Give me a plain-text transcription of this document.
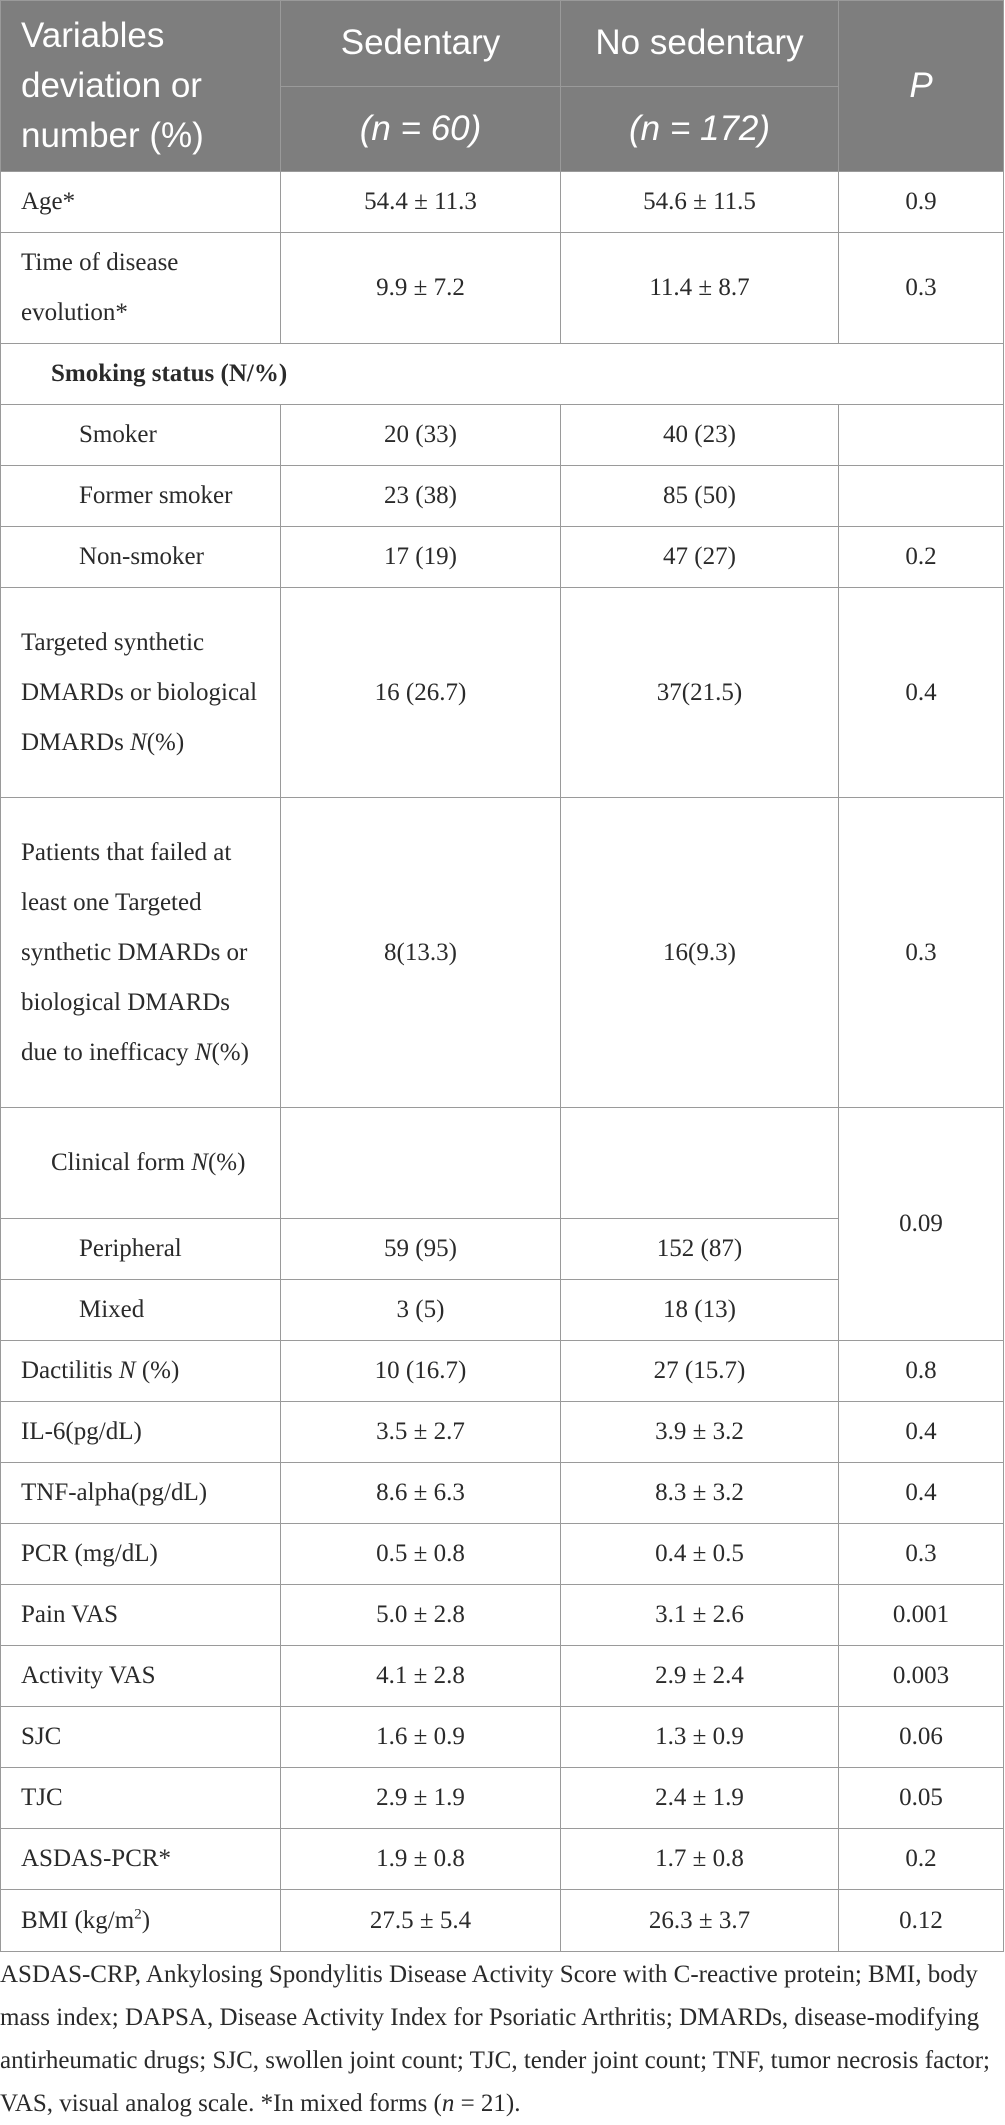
Variables deviation or number (%)	Sedentary	No sedentary	P
	(n = 60)	(n = 172)	
Age*	54.4 ± 11.3	54.6 ± 11.5	0.9
Time of disease evolution*	9.9 ± 7.2	11.4 ± 8.7	0.3
Smoking status (N/%)			
Smoker	20 (33)	40 (23)	
Former smoker	23 (38)	85 (50)	
Non-smoker	17 (19)	47 (27)	0.2
Targeted synthetic DMARDs or biological DMARDs N(%)	16 (26.7)	37(21.5)	0.4
Patients that failed at least one Targeted synthetic DMARDs or biological DMARDs due to inefficacy N(%)	8(13.3)	16(9.3)	0.3
Clinical form N(%)			0.09
Peripheral	59 (95)	152 (87)	
Mixed	3 (5)	18 (13)	
Dactilitis N (%)	10 (16.7)	27 (15.7)	0.8
IL-6(pg/dL)	3.5 ± 2.7	3.9 ± 3.2	0.4
TNF-alpha(pg/dL)	8.6 ± 6.3	8.3 ± 3.2	0.4
PCR (mg/dL)	0.5 ± 0.8	0.4 ± 0.5	0.3
Pain VAS	5.0 ± 2.8	3.1 ± 2.6	0.001
Activity VAS	4.1 ± 2.8	2.9 ± 2.4	0.003
SJC	1.6 ± 0.9	1.3 ± 0.9	0.06
TJC	2.9 ± 1.9	2.4 ± 1.9	0.05
ASDAS-PCR*	1.9 ± 0.8	1.7 ± 0.8	0.2
BMI $(kg/m^2)$	27.5 ± 5.4	26.3 ± 3.7	0.12
ASDAS-CRP, Ankylosing Spondylitis Disease Activity Score with C-reactive protein; BMI, body mass index; DAPSA, Disease Activity Index for Psoriatic Arthritis; DMARDs, disease-modifying antirheumatic drugs; SJC, swollen joint count; TJC, tender joint count; TNF, tumor necrosis factor; VAS, visual analog scale. *In mixed forms (n = 21).
